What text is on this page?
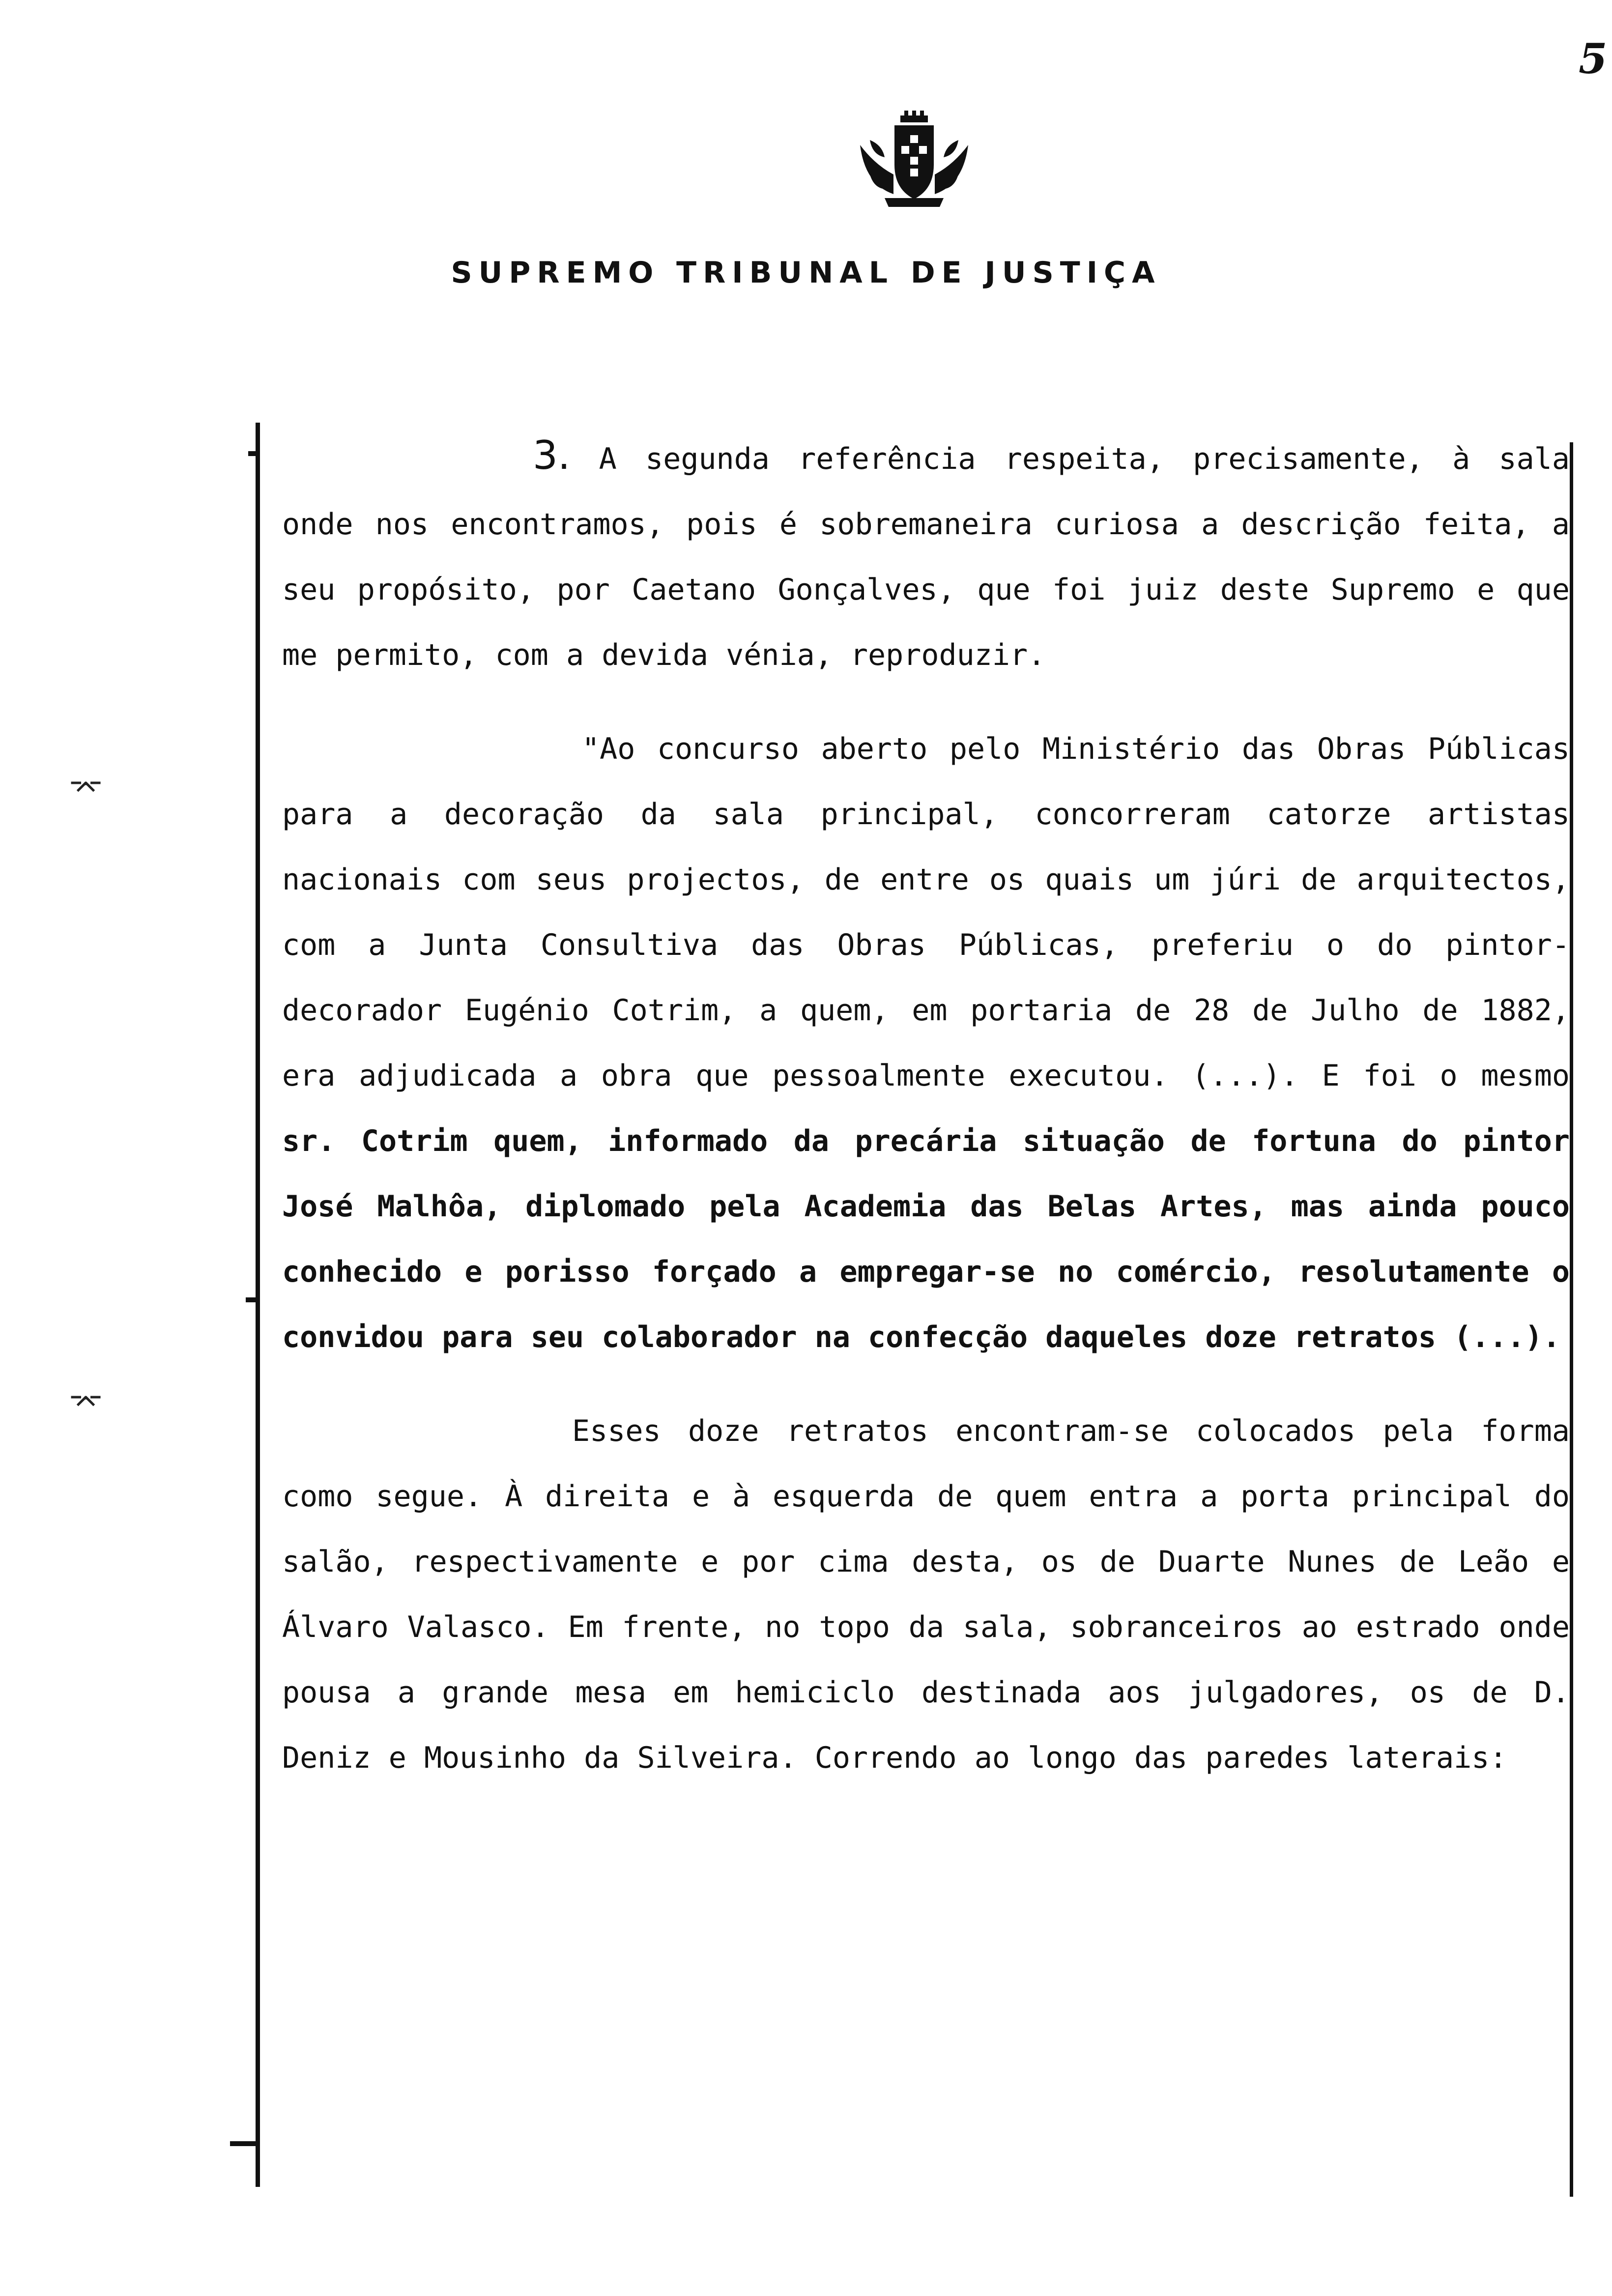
5
SUPREMO TRIBUNAL DE JUSTIÇA
⌤
⌤

3. A segunda referência respeita, precisamente, à sala onde nos encontramos, pois é sobremaneira curiosa a descrição feita, a seu propósito, por Caetano Gonçalves, que foi juiz deste Supremo e que me permito, com a devida vénia, reproduzir.

"Ao concurso aberto pelo Ministério das Obras Públicas para a decoração da sala principal, concorreram catorze artistas nacionais com seus projectos, de entre os quais um júri de arquitectos, com a Junta Consultiva das Obras Públicas, preferiu o do pintor-decorador Eugénio Cotrim, a quem, em portaria de 28 de Julho de 1882, era adjudicada a obra que pessoalmente executou. (...). E foi o mesmo sr. Cotrim quem, informado da precária situação de fortuna do pintor José Malhôa, diplomado pela Academia das Belas Artes, mas ainda pouco conhecido e porisso forçado a empregar-se no comércio, resolutamente o convidou para seu colaborador na confecção daqueles doze retratos (...).

Esses doze retratos encontram-se colocados pela forma como segue. À direita e à esquerda de quem entra a porta principal do salão, respectivamente e por cima desta, os de Duarte Nunes de Leão e Álvaro Valasco. Em frente, no topo da sala, sobranceiros ao estrado onde pousa a grande mesa em hemiciclo destinada aos julgadores, os de D. Deniz e Mousinho da Silveira. Correndo ao longo das paredes laterais:
